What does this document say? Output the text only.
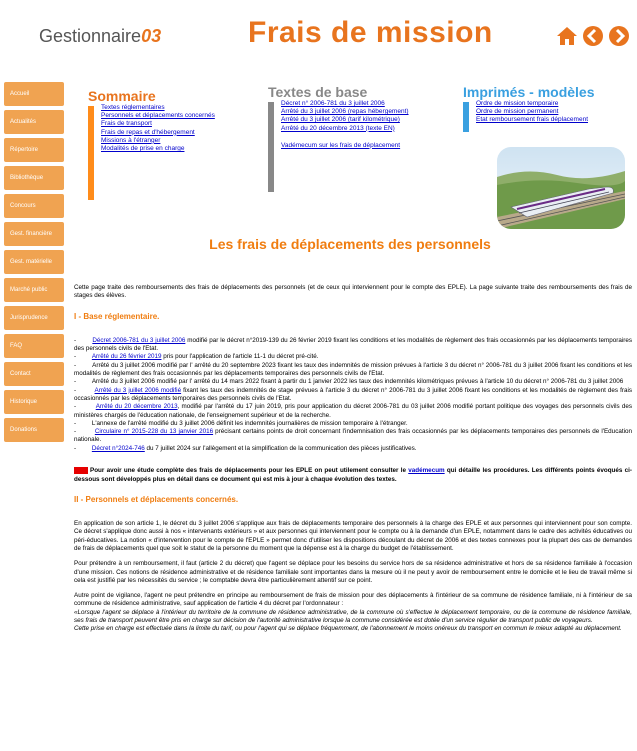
Gestionnaire03	Frais de mission
Accueil
Actualités
Répertoire
Bibliothèque
Concours
Gest. financière
Gest. matérielle
Marché public
Jurisprudence
FAQ
Contact
Historique
Donations
Sommaire
Textes réglementaires
Personnels et déplacements concernés
Frais de transport
Frais de repas et d'hébergement
Missions à l'étranger
Modalités de prise en charge
Textes de base
Décret n° 2006-781 du 3 juillet 2006
Arrêté du 3 juillet 2006 (repas hébergement)
Arrêté du 3 juillet 2006 (tarif kilométrique)
Arrêté du 20 décembre 2013 (texte EN)
Vadémecum sur les frais de déplacement
Imprimés - modèles
Ordre de mission temporaire
Ordre de mission permanent
Etat remboursement frais déplacement
Les frais de déplacements des personnels

Cette page traite des remboursements des frais de déplacements des personnels (et de ceux qui interviennent pour le compte des EPLE). La page suivante traite des remboursements des frais de stages des élèves.

I - Base réglementaire.
-         Décret 2006-781 du 3 juillet 2006 modifié par le décret n°2019-139 du 26 février 2019 fixant les conditions et les modalités de règlement des frais occasionnés par les déplacements temporaires des personnels civils de l'Etat.
-         Arrêté du 26 février 2019 pris pour l'application de l'article 11-1 du décret pré-cité.
-         Arrêté du 3 juillet 2006 modifié par l' arrêté du 20 septembre 2023 fixant les taux des indemnités de mission prévues à l'article 3 du décret n° 2006-781 du 3 juillet 2006 fixant les conditions et les modalités de règlement des frais occasionnés par les déplacements temporaires des personnels civils de l'Etat.
-         Arrêté du 3 juillet 2006 modifié par l' arrêté du 14 mars 2022 fixant à partir du 1 janvier 2022 les taux des indemnités kilométriques prévues à l'article 10 du décret n° 2006-781 du 3 juillet 2006
-         Arrêté du 3 juillet 2006 modifié fixant les taux des indemnités de stage prévues à l'article 3 du décret n° 2006-781 du 3 juillet 2006 fixant les conditions et les modalités de règlement des frais occasionnés par les déplacements temporaires des personnels civils de l'Etat.
-         Arrêté du 20 décembre 2013, modifié par l'arrêté du 17 juin 2019, pris pour application du décret 2006-781 du 03 juillet 2006 modifié portant politique des voyages des personnels civils des ministères chargés de l'éducation nationale, de l'enseignement supérieur et de la recherche.
-         L'annexe de l'arrêté modifié du 3 juillet 2006 définit les indemnités journalières de mission temporaire à l'étranger.
-         Circulaire n° 2015-228 du 13 janvier 2016 précisant certains points de droit concernant l'indemnisation des frais occasionnés par les déplacements temporaires des personnels de l'Education nationale.
-         Décret n°2024-746 du 7 juillet 2024 sur l'allègement et la simplification de la communication des pièces justificatives.

Pour avoir une étude complète des frais de déplacements pour les EPLE on peut utilement consulter le vadémecum qui détaille les procédures. Les différents points évoqués ci-dessous sont développés plus en détail dans ce document qui est mis à jour à chaque évolution des textes.

II - Personnels et déplacements concernés.

En application de son article 1, le décret du 3 juillet 2006 s'applique aux frais de déplacements temporaire des personnels à la charge des EPLE et aux personnes qui interviennent pour son compte. Ce décret s'applique donc aussi à nos « intervenants extérieurs » et aux personnes qui interviennent pour le compte ou à la demande d'un EPLE, notamment dans le cadre des activités éducatives ou péri-éducatives. La notion « d'intervention pour le compte de l'EPLE » permet donc d'utiliser les dispositions découlant du décret de 2006 et des textes connexes pour la plupart des cas de demandes de frais de déplacements quel que soit le statut de la personne du moment que la dépense est à la charge du budget de l'établissement.

Pour prétendre à un remboursement, il faut (article 2 du décret) que l'agent se déplace pour les besoins du service hors de sa résidence administrative et hors de sa résidence familiale à l'occasion d'une mission. Ces notions de résidence administrative et de résidence familiale sont importantes dans la mesure où il ne peut y avoir de remboursement entre le domicile et le lieu de travail même si cela est justifié par les nécessités du service ; le comptable devra être particulièrement attentif sur ce point.

Autre point de vigilance, l'agent ne peut prétendre en principe au remboursement de frais de mission pour des déplacements à l'intérieur de sa commune de résidence familiale, ni à l'intérieur de sa commune de résidence administrative, sauf application de l'article 4 du décret par l'ordonnateur :

«Lorsque l'agent se déplace à l'intérieur du territoire de la commune de résidence administrative, de la commune où s'effectue le déplacement temporaire, ou de la commune de résidence familiale, ses frais de transport peuvent être pris en charge sur décision de l'autorité administrative lorsque la commune considérée est dotée d'un service régulier de transport public de voyageurs.

Cette prise en charge est effectuée dans la limite du tarif, ou pour l'agent qui se déplace fréquemment, de l'abonnement le moins onéreux du transport en commun le mieux adapté au déplacement.
